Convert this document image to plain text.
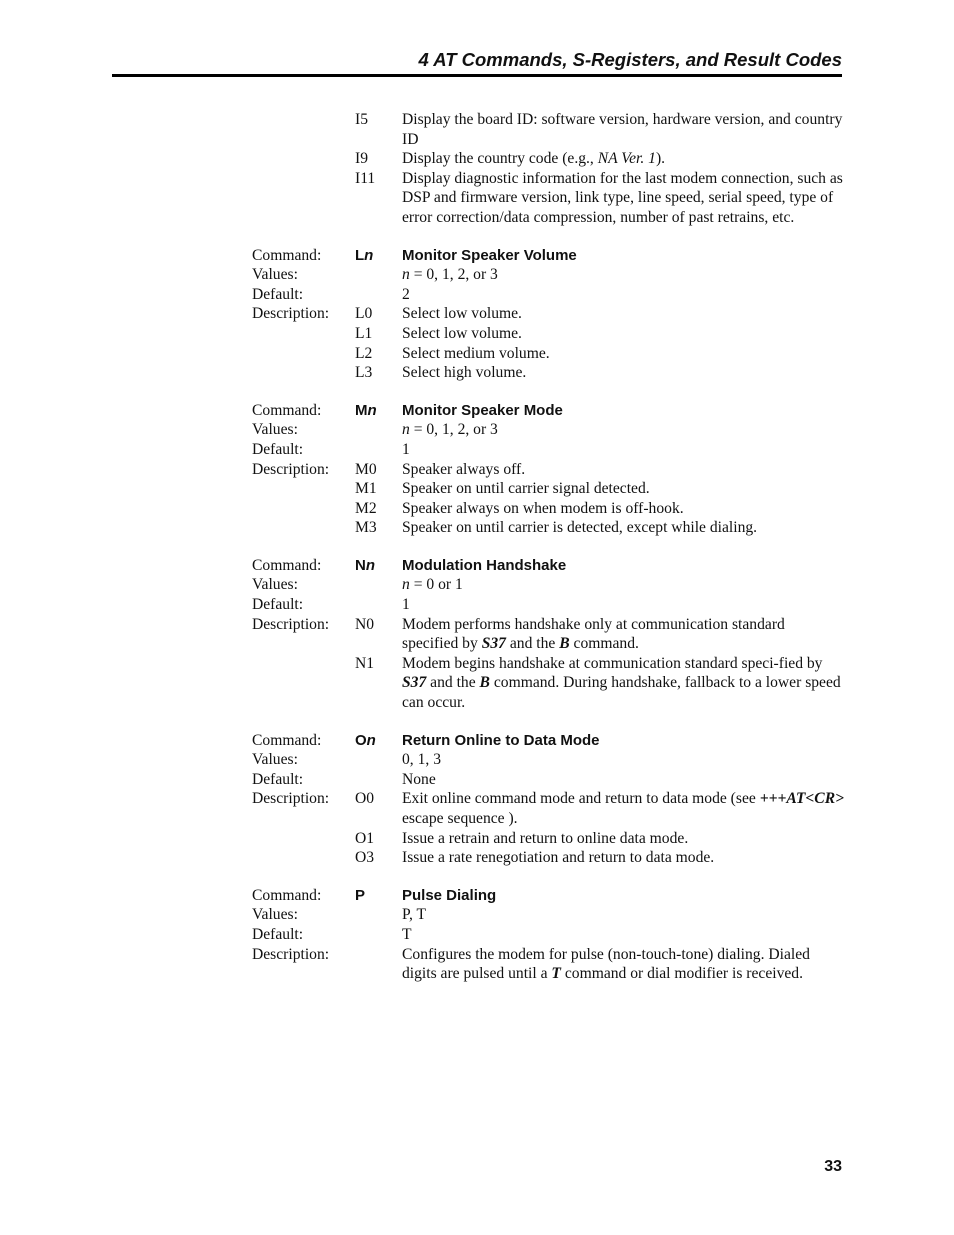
4 AT Commands, S-Registers, and Result Codes
I5 Display the board ID: software version, hardware version, and country ID
I9 Display the country code (e.g., NA Ver. 1).
I11 Display diagnostic information for the last modem connection, such as DSP and firmware version, link type, line speed, serial speed, type of error correction/data compression, number of past retrains, etc.
Command: Ln Monitor Speaker Volume
Values:	n = 0, 1, 2, or 3
Default:	2
Description: L0 Select low volume.
L1 Select low volume.
L2 Select medium volume.
L3 Select high volume.
Command: Mn Monitor Speaker Mode
Values:	n = 0, 1, 2, or 3
Default:	1
Description: M0 Speaker always off.
M1 Speaker on until carrier signal detected.
M2 Speaker always on when modem is off-hook.
M3 Speaker on until carrier is detected, except while dialing.
Command: Nn Modulation Handshake
Values:	n = 0 or 1
Default:	1
Description: N0 Modem performs handshake only at communication standard specified by S37 and the B command.
N1 Modem begins handshake at communication standard speci-fied by S37 and the B command. During handshake, fallback to a lower speed can occur.
Command: On Return Online to Data Mode
Values:	0, 1, 3
Default:	None
Description: O0 Exit online command mode and return to data mode (see +++AT<CR> escape sequence ).
O1 Issue a retrain and return to online data mode.
O3 Issue a rate renegotiation and return to data mode.
Command: P Pulse Dialing
Values:	P, T
Default:	T
Description:	Configures the modem for pulse (non-touch-tone) dialing. Dialed digits are pulsed until a T command or dial modifier is received.
33
